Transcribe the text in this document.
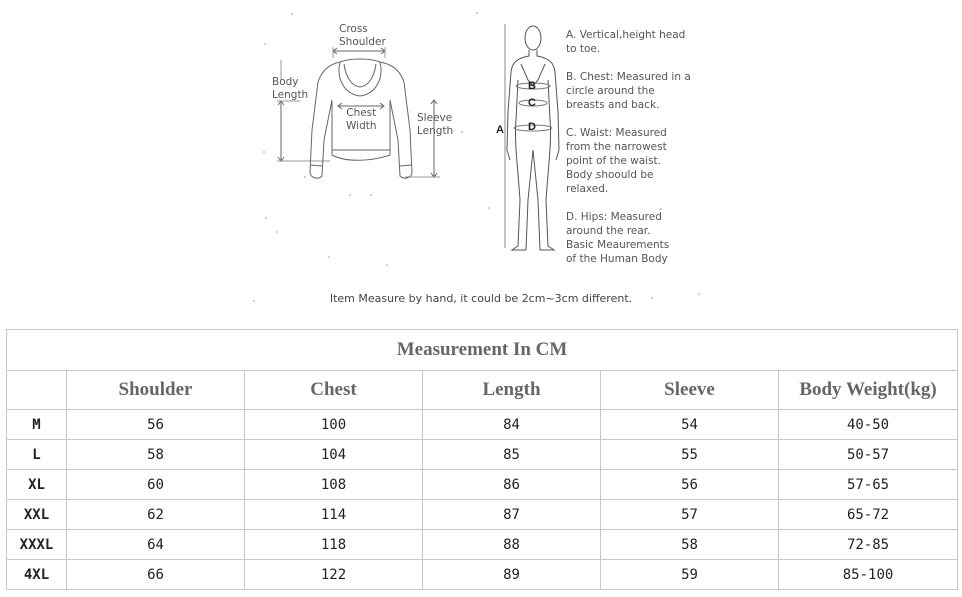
Cross
Shoulder
Body
Length
Chest
Width
Sleeve
Length	A
B
C
D
A. Vertical,height head
to toe.
B. Chest: Measured in a
circle around the
breasts and back.
C. Waist: Measured
from the narrowest
point of the waist.
Body shoould be
relaxed.
D. Hips: Measured
around the rear.
Basic Meaurements
of the Human Body
Item Measure by hand, it could be 2cm~3cm different.
Measurement In CM					
	Shoulder	Chest	Length	Sleeve	Body Weight(kg)
M	56	100	84	54	40-50
L	58	104	85	55	50-57
XL	60	108	86	56	57-65
XXL	62	114	87	57	65-72
XXXL	64	118	88	58	72-85
4XL	66	122	89	59	85-100
